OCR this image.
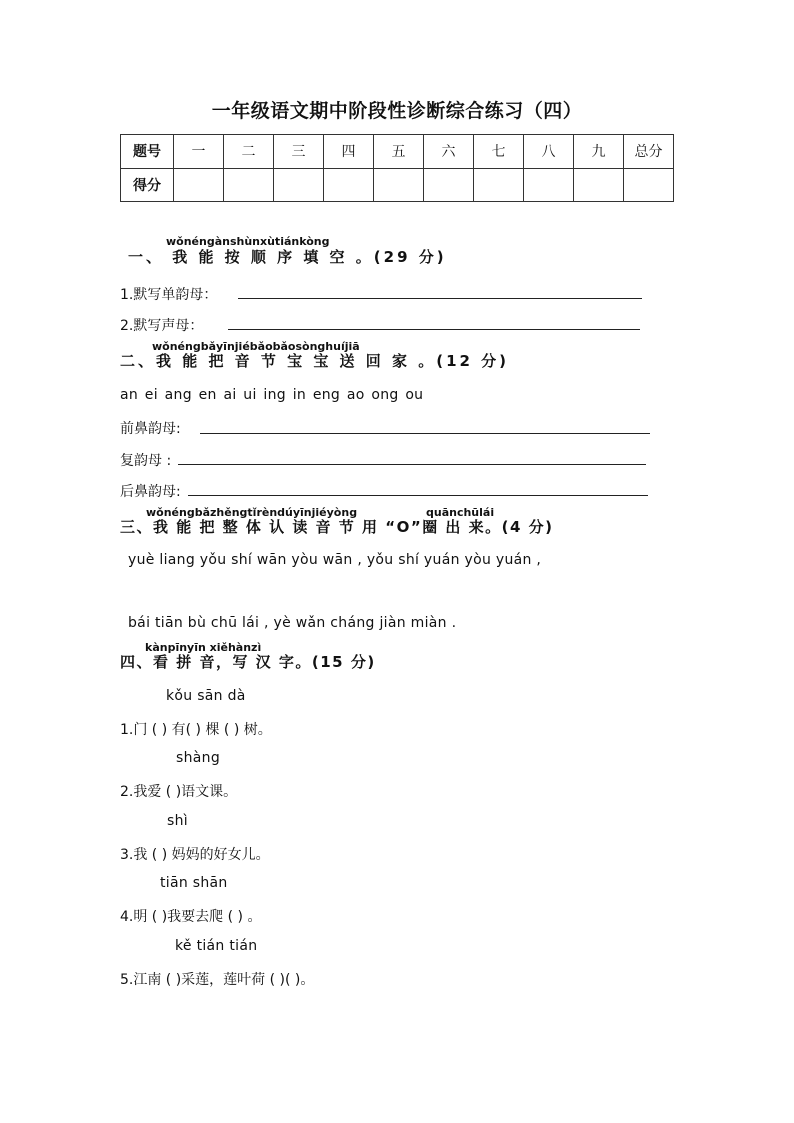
一年级语文期中阶段性诊断综合练习（四）
题号	一	二	三	四	五	六	七	八	九	总分
得分										
wǒnéngànshùnxùtiánkòng
一、 我 能 按 顺 序 填 空 。(29 分)
1.默写单韵母：
2.默写声母：
wǒnéngbǎyīnjiébǎobǎosònghuíjiā
二、我 能 把 音 节 宝 宝 送 回 家 。(12 分)
an ei ang en ai ui ing in eng ao ong ou
前鼻韵母:
复韵母 :
后鼻韵母:
wǒnéngbǎzhěngtǐrèndúyīnjiéyòng	quānchūlái
三、我 能 把 整 体 认 读 音 节 用 “O”圈 出 来。(4 分)
yuè liang yǒu shí wān yòu wān , yǒu shí yuán yòu yuán ,
bái tiān bù chū lái , yè wǎn cháng jiàn miàn .
kànpīnyīn xiěhànzì
四、看 拼 音，写 汉 字。(15 分)
kǒu sān dà
1.门 ( ) 有( ) 棵 ( ) 树。
shàng
2.我爱 ( )语文课。
shì
3.我 ( ) 妈妈的好女儿。
tiān shān
4.明 ( )我要去爬 ( ) 。
kě tián tián
5.江南 ( )采莲，莲叶荷 ( )( )。
